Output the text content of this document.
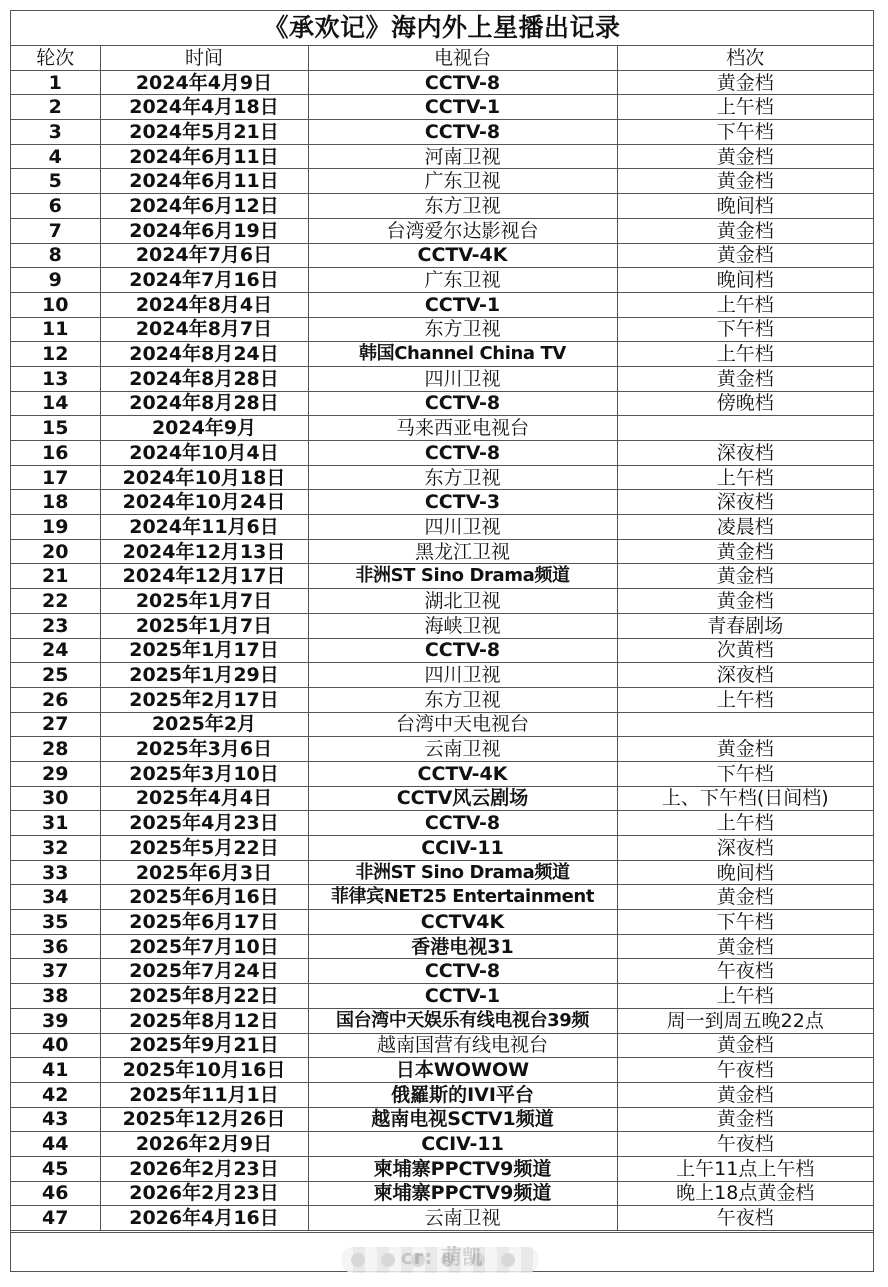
《承欢记》海内外上星播出记录
轮次	时间	电视台	档次
1	2024年4月9日	CCTV-8	黄金档
2	2024年4月18日	CCTV-1	上午档
3	2024年5月21日	CCTV-8	下午档
4	2024年6月11日	河南卫视	黄金档
5	2024年6月11日	广东卫视	黄金档
6	2024年6月12日	东方卫视	晚间档
7	2024年6月19日	台湾爱尔达影视台	黄金档
8	2024年7月6日	CCTV-4K	黄金档
9	2024年7月16日	广东卫视	晚间档
10	2024年8月4日	CCTV-1	上午档
11	2024年8月7日	东方卫视	下午档
12	2024年8月24日	韩国Channel China TV	上午档
13	2024年8月28日	四川卫视	黄金档
14	2024年8月28日	CCTV-8	傍晚档
15	2024年9月	马来西亚电视台	
16	2024年10月4日	CCTV-8	深夜档
17	2024年10月18日	东方卫视	上午档
18	2024年10月24日	CCTV-3	深夜档
19	2024年11月6日	四川卫视	凌晨档
20	2024年12月13日	黑龙江卫视	黄金档
21	2024年12月17日	非洲ST Sino Drama频道	黄金档
22	2025年1月7日	湖北卫视	黄金档
23	2025年1月7日	海峡卫视	青春剧场
24	2025年1月17日	CCTV-8	次黄档
25	2025年1月29日	四川卫视	深夜档
26	2025年2月17日	东方卫视	上午档
27	2025年2月	台湾中天电视台	
28	2025年3月6日	云南卫视	黄金档
29	2025年3月10日	CCTV-4K	下午档
30	2025年4月4日	CCTV风云剧场	上、下午档(日间档)
31	2025年4月23日	CCTV-8	上午档
32	2025年5月22日	CCIV-11	深夜档
33	2025年6月3日	非洲ST Sino Drama频道	晚间档
34	2025年6月16日	菲律宾NET25 Entertainment	黄金档
35	2025年6月17日	CCTV4K	下午档
36	2025年7月10日	香港电视31	黄金档
37	2025年7月24日	CCTV-8	午夜档
38	2025年8月22日	CCTV-1	上午档
39	2025年8月12日	国台湾中天娱乐有线电视台39频	周一到周五晚22点
40	2025年9月21日	越南国营有线电视台	黄金档
41	2025年10月16日	日本WOWOW	午夜档
42	2025年11月1日	俄羅斯的IVI平台	黄金档
43	2025年12月26日	越南电视SCTV1频道	黄金档
44	2026年2月9日	CCIV-11	午夜档
45	2026年2月23日	柬埔寨PPCTV9频道	上午11点上午档
46	2026年2月23日	柬埔寨PPCTV9频道	晚上18点黄金档
47	2026年4月16日	云南卫视	午夜档
